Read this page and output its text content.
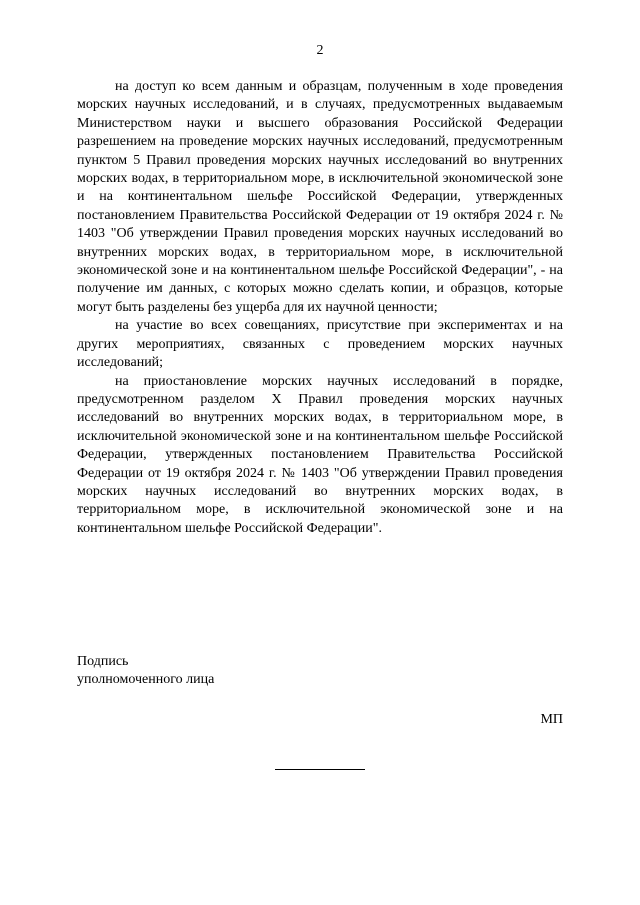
2

на доступ ко всем данным и образцам, полученным в ходе проведения морских научных исследований, и в случаях, предусмотренных выдаваемым Министерством науки и высшего образования Российской Федерации разрешением на проведение морских научных исследований, предусмотренным пунктом 5 Правил проведения морских научных исследований во внутренних морских водах, в территориальном море, в исключительной экономической зоне и на континентальном шельфе Российской Федерации, утвержденных постановлением Правительства Российской Федерации от 19 октября 2024 г. № 1403 "Об утверждении Правил проведения морских научных исследований во внутренних морских водах, в территориальном море, в исключительной экономической зоне и на континентальном шельфе Российской Федерации", - на получение им данных, с которых можно сделать копии, и образцов, которые могут быть разделены без ущерба для их научной ценности;

на участие во всех совещаниях, присутствие при экспериментах и на других мероприятиях, связанных с проведением морских научных исследований;

на приостановление морских научных исследований в порядке, предусмотренном разделом X Правил проведения морских научных исследований во внутренних морских водах, в территориальном море, в исключительной экономической зоне и на континентальном шельфе Российской Федерации, утвержденных постановлением Правительства Российской Федерации от 19 октября 2024 г. № 1403 "Об утверждении Правил проведения морских научных исследований во внутренних морских водах, в территориальном море, в исключительной экономической зоне и на континентальном шельфе Российской Федерации".

Подпись
уполномоченного лица
МП
